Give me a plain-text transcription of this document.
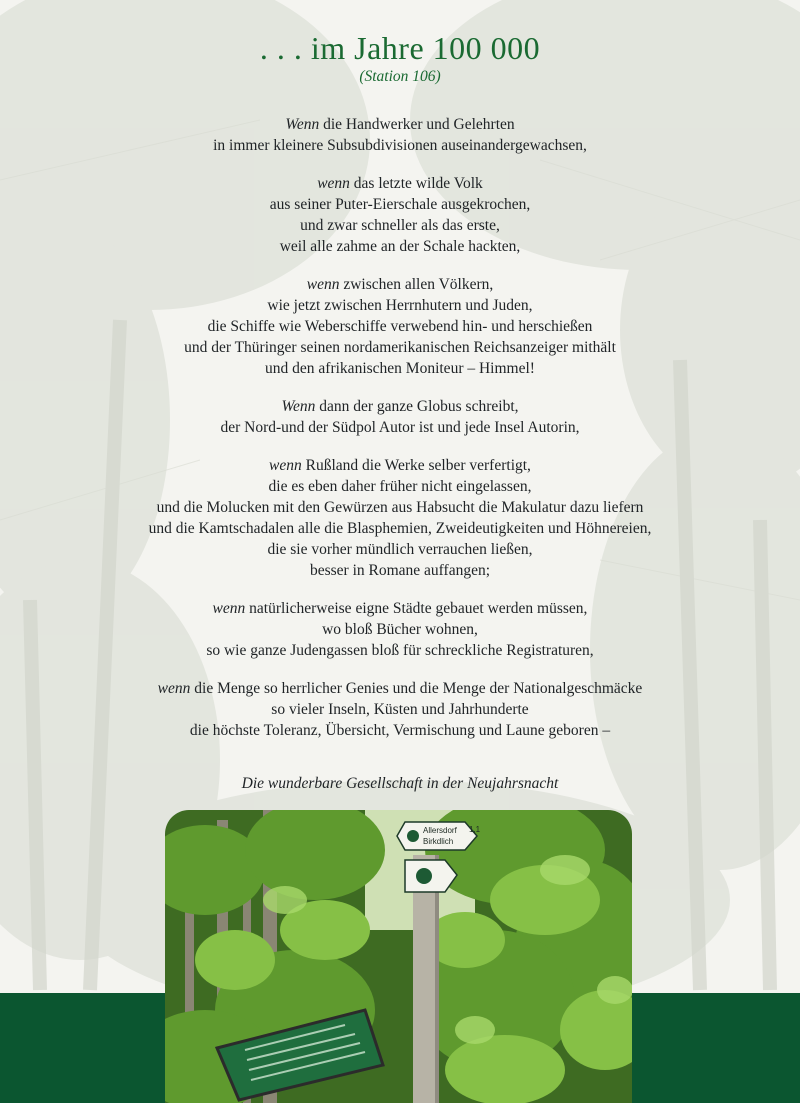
. . . im Jahre 100 000

(Station 106)

Wenn die Handwerker und Gelehrten
in immer kleinere Subsubdivisionen auseinandergewachsen,

wenn das letzte wilde Volk
aus seiner Puter-Eierschale ausgekrochen,
und zwar schneller als das erste,
weil alle zahme an der Schale hackten,

wenn zwischen allen Völkern,
wie jetzt zwischen Herrnhutern und Juden,
die Schiffe wie Weberschiffe verwebend hin- und herschießen
und der Thüringer seinen nordamerikanischen Reichsanzeiger mithält
und den afrikanischen Moniteur – Himmel!

Wenn dann der ganze Globus schreibt,
der Nord-und der Südpol Autor ist und jede Insel Autorin,

wenn Rußland die Werke selber verfertigt,
die es eben daher früher nicht eingelassen,
und die Molucken mit den Gewürzen aus Habsucht die Makulatur dazu liefern
und die Kamtschadalen alle die Blasphemien, Zweideutigkeiten und Höhnereien,
die sie vorher mündlich verrauchen ließen,
besser in Romane auffangen;

wenn natürlicherweise eigne Städte gebauet werden müssen,
wo bloß Bücher wohnen,
so wie ganze Judengassen bloß für schreckliche Registraturen,

wenn die Menge so herrlicher Genies und die Menge der Nationalgeschmäcke
so vieler Inseln, Küsten und Jahrhunderte
die höchste Toleranz, Übersicht, Vermischung und Laune geboren –

Die wunderbare Gesellschaft in der Neujahrsnacht

Allersdorf
Birkdlich
1,1
